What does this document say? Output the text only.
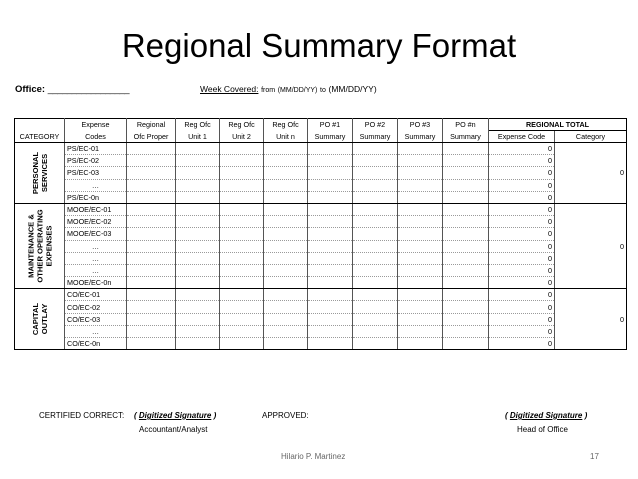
Regional Summary Format
Office: _________________	Week Covered: from (MM/DD/YY) to (MM/DD/YY)
	Expense	Regional	Reg Ofc	Reg Ofc	Reg Ofc	PO #1	PO #2	PO #3	PO #n	REGIONAL TOTAL	
CATEGORY	Codes	Ofc Proper	Unit 1	Unit 2	Unit n	Summary	Summary	Summary	Summary	Expense Code	Category

PERSONAL SERVICES	PS/EC-01									0	0
	PS/EC-02									0	
	PS/EC-03									0	
	…									0	
	PS/EC-0n									0	

MAINTENANCE & OTHER OPERATING EXPENSES	MOOE/EC-01									0	0
	MOOE/EC-02									0	
	MOOE/EC-03									0	
	…									0	
	…									0	
	…									0	
	MOOE/EC-0n									0	

CAPITAL OUTLAY	CO/EC-01									0	0
	CO/EC-02									0	
	CO/EC-03									0	
	…									0	
	CO/EC-0n									0	
CERTIFIED CORRECT: ( Digitized Signature )
Accountant/Analyst
APPROVED:	( Digitized Signature )
Head of Office
Hilario P. Martinez	17
